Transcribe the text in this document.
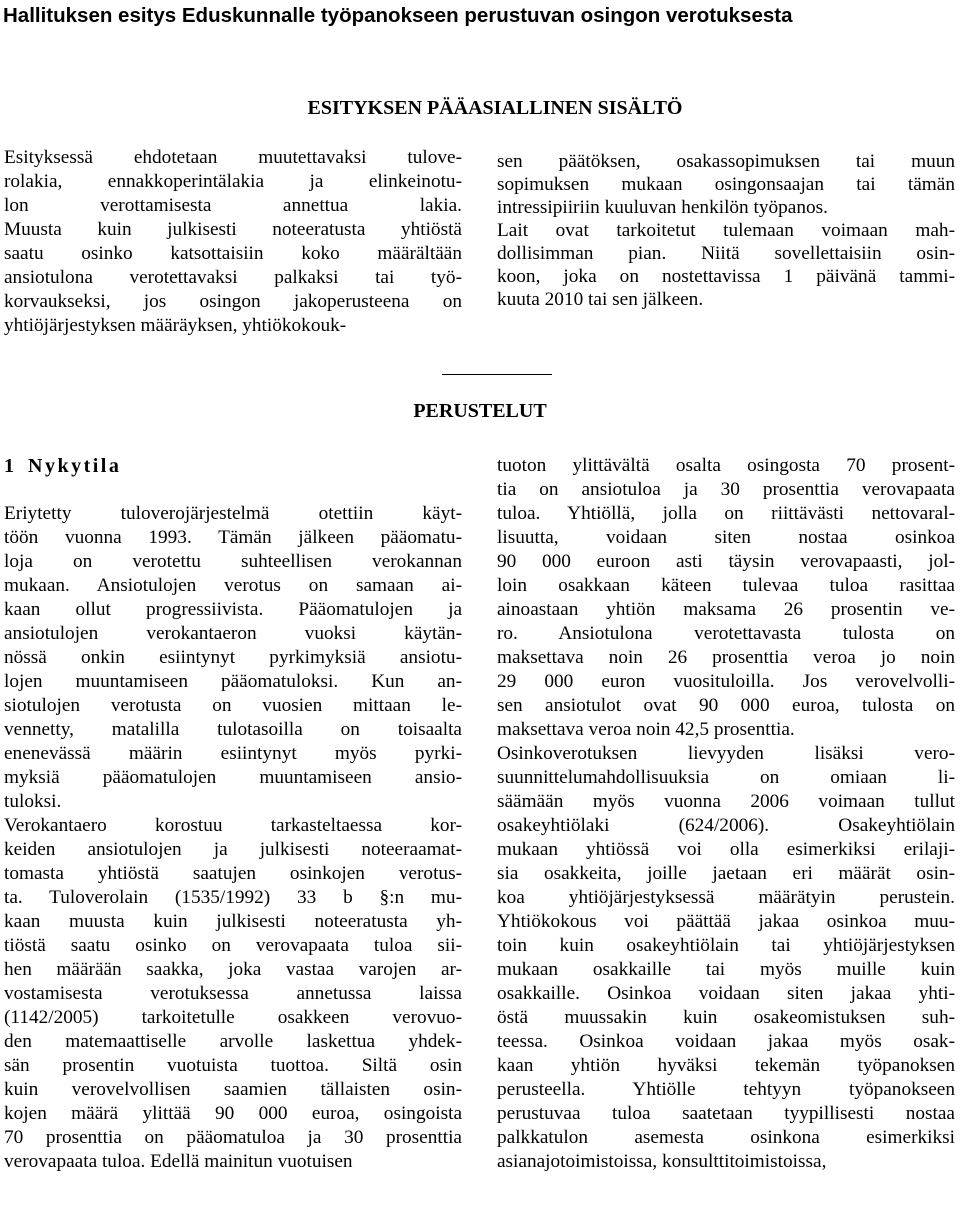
Hallituksen esitys Eduskunnalle työpanokseen perustuvan osingon verotuksesta
ESITYKSEN PÄÄASIALLINEN SISÄLTÖ
Esityksessä ehdotetaan muutettavaksi tulove-
rolakia, ennakkoperintälakia ja elinkeinotu-
lon verottamisesta annettua lakia.
Muusta kuin julkisesti noteeratusta yhtiöstä
saatu osinko katsottaisiin koko määrältään
ansiotulona verotettavaksi palkaksi tai työ-
korvaukseksi, jos osingon jakoperusteena on
yhtiöjärjestyksen määräyksen, yhtiökokouk-
sen päätöksen, osakassopimuksen tai muun
sopimuksen mukaan osingonsaajan tai tämän
intressipiiriin kuuluvan henkilön työpanos.
Lait ovat tarkoitetut tulemaan voimaan mah-
dollisimman pian. Niitä sovellettaisiin osin-
koon, joka on nostettavissa 1 päivänä tammi-
kuuta 2010 tai sen jälkeen.
PERUSTELUT
1 Nykytila
Eriytetty tuloverojärjestelmä otettiin käyt-
töön vuonna 1993. Tämän jälkeen pääomatu-
loja on verotettu suhteellisen verokannan
mukaan. Ansiotulojen verotus on samaan ai-
kaan ollut progressiivista. Pääomatulojen ja
ansiotulojen verokantaeron vuoksi käytän-
nössä onkin esiintynyt pyrkimyksiä ansiotu-
lojen muuntamiseen pääomatuloksi. Kun an-
siotulojen verotusta on vuosien mittaan le-
vennetty, matalilla tulotasoilla on toisaalta
enenevässä määrin esiintynyt myös pyrki-
myksiä pääomatulojen muuntamiseen ansio-
tuloksi.
Verokantaero korostuu tarkasteltaessa kor-
keiden ansiotulojen ja julkisesti noteeraamat-
tomasta yhtiöstä saatujen osinkojen verotus-
ta. Tuloverolain (1535/1992) 33 b §:n mu-
kaan muusta kuin julkisesti noteeratusta yh-
tiöstä saatu osinko on verovapaata tuloa sii-
hen määrään saakka, joka vastaa varojen ar-
vostamisesta verotuksessa annetussa laissa
(1142/2005) tarkoitetulle osakkeen verovuo-
den matemaattiselle arvolle laskettua yhdek-
sän prosentin vuotuista tuottoa. Siltä osin
kuin verovelvollisen saamien tällaisten osin-
kojen määrä ylittää 90 000 euroa, osingoista
70 prosenttia on pääomatuloa ja 30 prosenttia
verovapaata tuloa. Edellä mainitun vuotuisen
tuoton ylittävältä osalta osingosta 70 prosent-
tia on ansiotuloa ja 30 prosenttia verovapaata
tuloa. Yhtiöllä, jolla on riittävästi nettovaral-
lisuutta, voidaan siten nostaa osinkoa
90 000 euroon asti täysin verovapaasti, jol-
loin osakkaan käteen tulevaa tuloa rasittaa
ainoastaan yhtiön maksama 26 prosentin ve-
ro. Ansiotulona verotettavasta tulosta on
maksettava noin 26 prosenttia veroa jo noin
29 000 euron vuosituloilla. Jos verovelvolli-
sen ansiotulot ovat 90 000 euroa, tulosta on
maksettava veroa noin 42,5 prosenttia.
Osinkoverotuksen lievyyden lisäksi vero-
suunnittelumahdollisuuksia on omiaan li-
säämään myös vuonna 2006 voimaan tullut
osakeyhtiölaki (624/2006). Osakeyhtiölain
mukaan yhtiössä voi olla esimerkiksi erilaji-
sia osakkeita, joille jaetaan eri määrät osin-
koa yhtiöjärjestyksessä määrätyin perustein.
Yhtiökokous voi päättää jakaa osinkoa muu-
toin kuin osakeyhtiölain tai yhtiöjärjestyksen
mukaan osakkaille tai myös muille kuin
osakkaille. Osinkoa voidaan siten jakaa yhti-
östä muussakin kuin osakeomistuksen suh-
teessa. Osinkoa voidaan jakaa myös osak-
kaan yhtiön hyväksi tekemän työpanoksen
perusteella. Yhtiölle tehtyyn työpanokseen
perustuvaa tuloa saatetaan tyypillisesti nostaa
palkkatulon asemesta osinkona esimerkiksi
asianajotoimistoissa, konsulttitoimistoissa,
